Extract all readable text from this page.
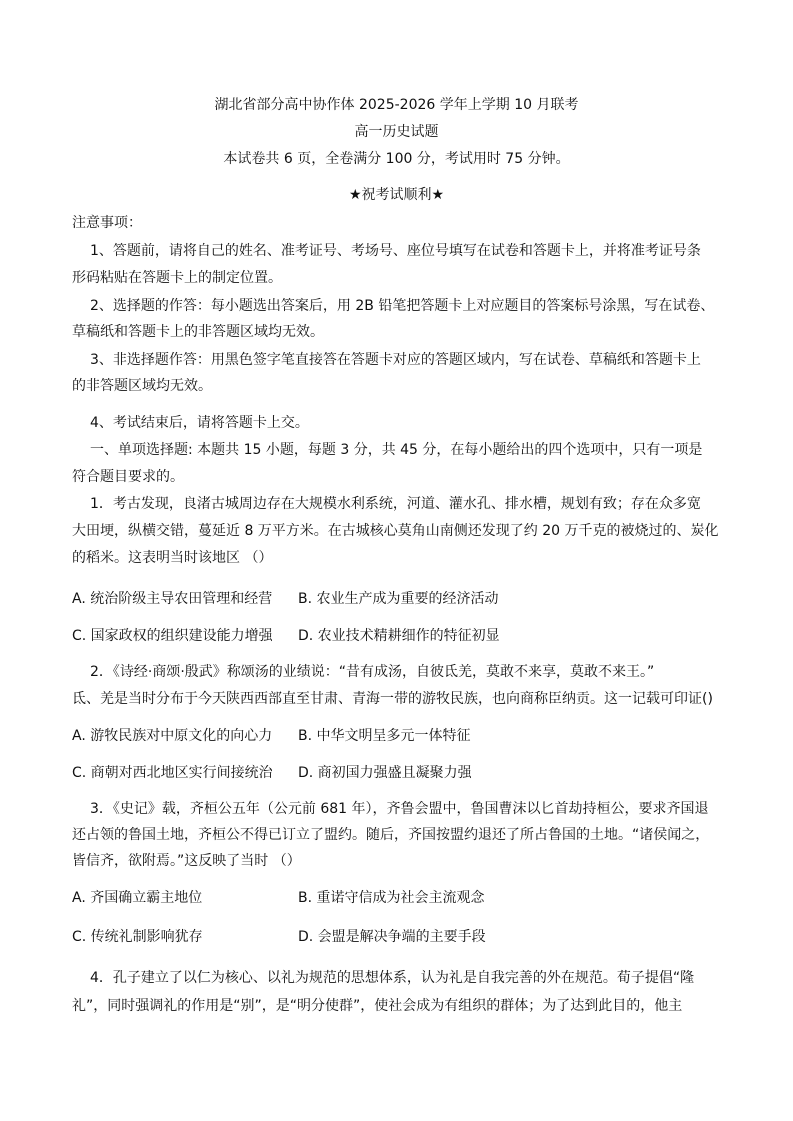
湖北省部分高中协作体 2025-2026 学年上学期 10 月联考
高一历史试题
本试卷共 6 页，全卷满分 100 分，考试用时 75 分钟。
★祝考试顺利★
注意事项：
1、答题前，请将自己的姓名、准考证号、考场号、座位号填写在试卷和答题卡上，并将准考证号条
形码粘贴在答题卡上的制定位置。
2、选择题的作答：每小题选出答案后，用 2B 铅笔把答题卡上对应题目的答案标号涂黑，写在试卷、
草稿纸和答题卡上的非答题区域均无效。
3、非选择题作答：用黑色签字笔直接答在答题卡对应的答题区域内，写在试卷、草稿纸和答题卡上
的非答题区域均无效。
4、考试结束后，请将答题卡上交。
一、单项选择题: 本题共 15 小题，每题 3 分，共 45 分，在每小题给出的四个选项中，只有一项是
符合题目要求的。
1．考古发现，良渚古城周边存在大规模水利系统，河道、灌水孔、排水槽，规划有致；存在众多宽
大田埂，纵横交错，蔓延近 8 万平方米。在古城核心莫角山南侧还发现了约 20 万千克的被烧过的、炭化
的稻米。这表明当时该地区 （）
A. 统治阶级主导农田管理和经营 B. 农业生产成为重要的经济活动
C. 国家政权的组织建设能力增强 D. 农业技术精耕细作的特征初显
2．《诗经·商颂·殷武》称颂汤的业绩说：“昔有成汤，自彼氐羌，莫敢不来享，莫敢不来王。”
氐、羌是当时分布于今天陕西西部直至甘肃、青海一带的游牧民族，也向商称臣纳贡。这一记载可印证()
A. 游牧民族对中原文化的向心力 B. 中华文明呈多元一体特征
C. 商朝对西北地区实行间接统治 D. 商初国力强盛且凝聚力强
3．《史记》载，齐桓公五年（公元前 681 年），齐鲁会盟中，鲁国曹沫以匕首劫持桓公，要求齐国退
还占领的鲁国土地，齐桓公不得已订立了盟约。随后，齐国按盟约退还了所占鲁国的土地。“诸侯闻之，
皆信齐，欲附焉。”这反映了当时 （）
A. 齐国确立霸主地位	B. 重诺守信成为社会主流观念
C. 传统礼制影响犹存	D. 会盟是解决争端的主要手段
4．孔子建立了以仁为核心、以礼为规范的思想体系，认为礼是自我完善的外在规范。荀子提倡“隆
礼”，同时强调礼的作用是“别”，是“明分使群”，使社会成为有组织的群体；为了达到此目的，他主
